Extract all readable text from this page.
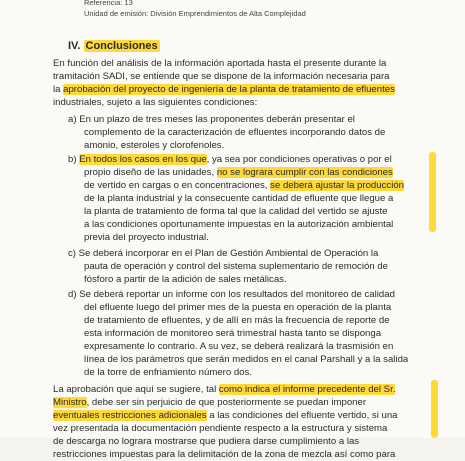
Referencia: 13
Unidad de emisión: División Emprendimientos de Alta Complejidad
IV. Conclusiones
En función del análisis de la información aportada hasta el presente durante la
tramitación SADI, se entiende que se dispone de la información necesaria para
la aprobación del proyecto de ingeniería de la planta de tratamiento de efluentes
industriales, sujeto a las siguientes condiciones:
a) En un plazo de tres meses las proponentes deberán presentar el
complemento de la caracterización de efluentes incorporando datos de
amonio, esteroles y clorofenoles.
b) En todos los casos en los que, ya sea por condiciones operativas o por el
propio diseño de las unidades, no se lograra cumplir con las condiciones
de vertido en cargas o en concentraciones, se deberá ajustar la producción
de la planta industrial y la consecuente cantidad de efluente que llegue a
la planta de tratamiento de forma tal que la calidad del vertido se ajuste
a las condiciones oportunamente impuestas en la autorización ambiental
previa del proyecto industrial.
c) Se deberá incorporar en el Plan de Gestión Ambiental de Operación la
pauta de operación y control del sistema suplementario de remoción de
fósforo a partir de la adición de sales metálicas.
d) Se deberá reportar un informe con los resultados del monitoreo de calidad
del efluente luego del primer mes de la puesta en operación de la planta
de tratamiento de efluentes, y de allí en más la frecuencia de reporte de
esta información de monitoreo será trimestral hasta tanto se disponga
expresamente lo contrario. A su vez, se deberá realizará la trasmisión en
línea de los parámetros que serán medidos en el canal Parshall y a la salida
de la torre de enfriamiento número dos.
La aprobación que aquí se sugiere, tal como indica el informe precedente del Sr.
Ministro, debe ser sin perjuicio de que posteriormente se puedan imponer
eventuales restricciones adicionales a las condiciones del efluente vertido, si una
vez presentada la documentación pendiente respecto a la estructura y sistema
de descarga no lograra mostrarse que pudiera darse cumplimiento a las
restricciones impuestas para la delimitación de la zona de mezcla así como para
